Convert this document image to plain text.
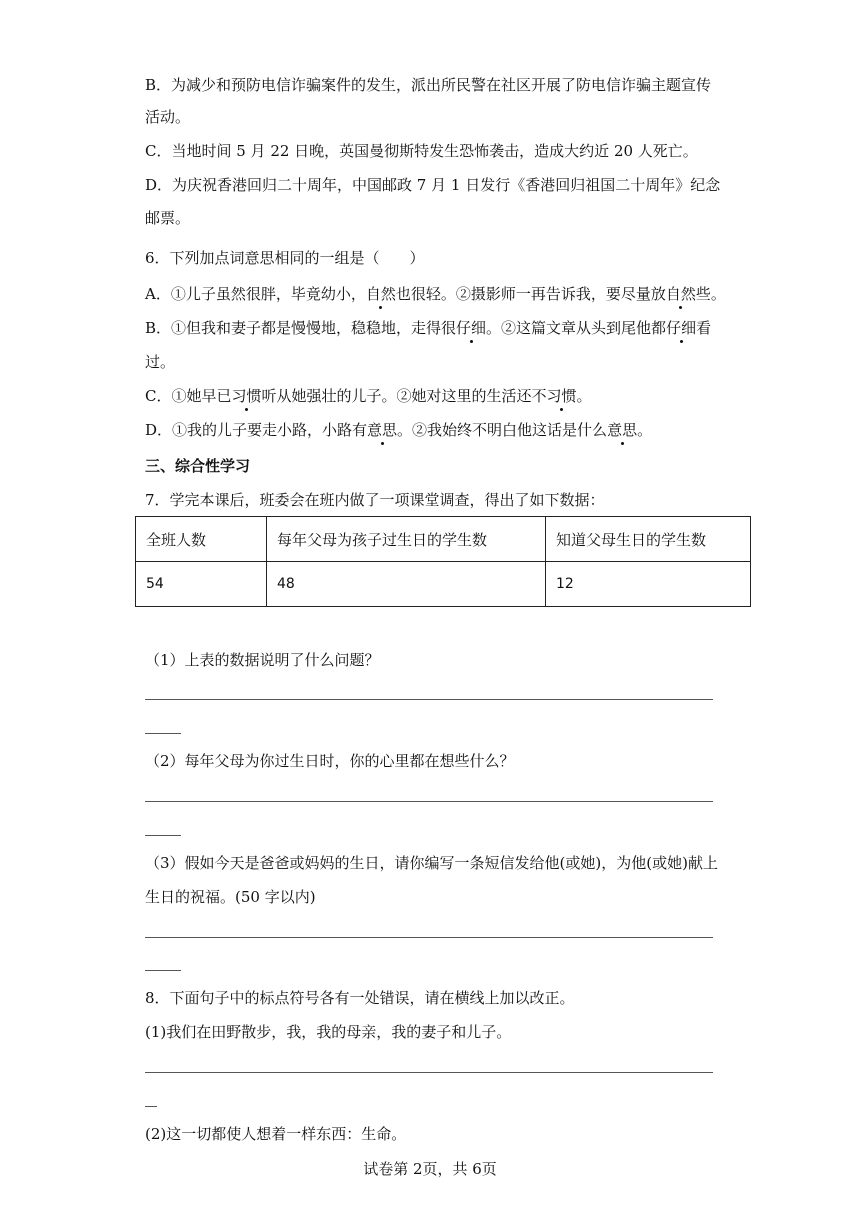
B．为减少和预防电信诈骗案件的发生，派出所民警在社区开展了防电信诈骗主题宣传
活动。
C．当地时间 5 月 22 日晚，英国曼彻斯特发生恐怖袭击，造成大约近 20 人死亡。
D．为庆祝香港回归二十周年，中国邮政 7 月 1 日发行《香港回归祖国二十周年》纪念
邮票。
6．下列加点词意思相同的一组是（　　）
A．①儿子虽然很胖，毕竟幼小，自然也很轻。②摄影师一再告诉我，要尽量放自然些。
B．①但我和妻子都是慢慢地，稳稳地，走得很仔细。②这篇文章从头到尾他都仔细看
过。
C．①她早已习惯听从她强壮的儿子。②她对这里的生活还不习惯。
D．①我的儿子要走小路，小路有意思。②我始终不明白他这话是什么意思。
三、综合性学习
7．学完本课后，班委会在班内做了一项课堂调查，得出了如下数据：
全班人数	每年父母为孩子过生日的学生数	知道父母生日的学生数
54	48	12
（1）上表的数据说明了什么问题？
（2）每年父母为你过生日时，你的心里都在想些什么？
（3）假如今天是爸爸或妈妈的生日，请你编写一条短信发给他(或她)，为他(或她)献上
生日的祝福。(50 字以内)
8．下面句子中的标点符号各有一处错误，请在横线上加以改正。
(1)我们在田野散步，我，我的母亲，我的妻子和儿子。
(2)这一切都使人想着一样东西：生命。
试卷第 2页，共 6页
